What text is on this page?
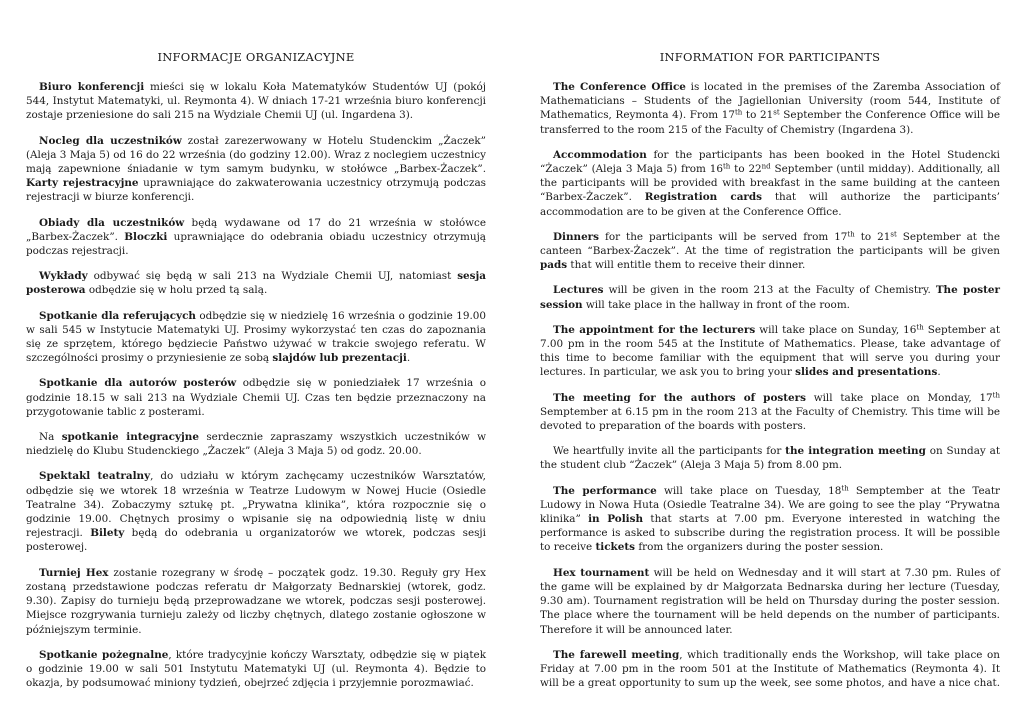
INFORMACJE ORGANIZACYJNE

Biuro konferencji mieści się w lokalu Koła Matematyków Studentów UJ (pokój 544, Instytut Matematyki, ul. Reymonta 4). W dniach 17-21 września biuro konferencji zostaje przeniesione do sali 215 na Wydziale Chemii UJ (ul. Ingardena 3).

Nocleg dla uczestników został zarezerwowany w Hotelu Studenckim „Żaczek” (Aleja 3 Maja 5) od 16 do 22 września (do godziny 12.00). Wraz z noclegiem uczestnicy mają zapewnione śniadanie w tym samym budynku, w stołówce „Barbex-Żaczek”. Karty rejestracyjne uprawniające do zakwaterowania uczestnicy otrzymują podczas rejestracji w biurze konferencji.

Obiady dla uczestników będą wydawane od 17 do 21 września w stołówce „Barbex-Żaczek”. Bloczki uprawniające do odebrania obiadu uczestnicy otrzymują podczas rejestracji.

Wykłady odbywać się będą w sali 213 na Wydziale Chemii UJ, natomiast sesja posterowa odbędzie się w holu przed tą salą.

Spotkanie dla referujących odbędzie się w niedzielę 16 września o godzinie 19.00 w sali 545 w Instytucie Matematyki UJ. Prosimy wykorzystać ten czas do zapoznania się ze sprzętem, którego będziecie Państwo używać w trakcie swojego referatu. W szczególności prosimy o przyniesienie ze sobą slajdów lub prezentacji.

Spotkanie dla autorów posterów odbędzie się w poniedziałek 17 września o godzinie 18.15 w sali 213 na Wydziale Chemii UJ. Czas ten będzie przeznaczony na przygotowanie tablic z posterami.

Na spotkanie integracyjne serdecznie zapraszamy wszystkich uczestników w niedzielę do Klubu Studenckiego „Żaczek” (Aleja 3 Maja 5) od godz. 20.00.

Spektakl teatralny, do udziału w którym zachęcamy uczestników Warsztatów, odbędzie się we wtorek 18 września w Teatrze Ludowym w Nowej Hucie (Osiedle Teatralne 34). Zobaczymy sztukę pt. „Prywatna klinika”, która rozpocznie się o godzinie 19.00. Chętnych prosimy o wpisanie się na odpowiednią listę w dniu rejestracji. Bilety będą do odebrania u organizatorów we wtorek, podczas sesji posterowej.

Turniej Hex zostanie rozegrany w środę – początek godz. 19.30. Reguły gry Hex zostaną przedstawione podczas referatu dr Małgorzaty Bednarskiej (wtorek, godz. 9.30). Zapisy do turnieju będą przeprowadzane we wtorek, podczas sesji posterowej. Miejsce rozgrywania turnieju zależy od liczby chętnych, dlatego zostanie ogłoszone w późniejszym terminie.

Spotkanie pożegnalne, które tradycyjnie kończy Warsztaty, odbędzie się w piątek o godzinie 19.00 w sali 501 Instytutu Matematyki UJ (ul. Reymonta 4). Będzie to okazja, by podsumować miniony tydzień, obejrzeć zdjęcia i przyjemnie porozmawiać.

INFORMATION FOR PARTICIPANTS

The Conference Office is located in the premises of the Zaremba Association of Mathematicians – Students of the Jagiellonian University (room 544, Institute of Mathematics, Reymonta 4). From 17th to 21st September the Conference Office will be transferred to the room 215 of the Faculty of Chemistry (Ingardena 3).

Accommodation for the participants has been booked in the Hotel Studencki “Żaczek” (Aleja 3 Maja 5) from 16th to 22nd September (until midday). Additionally, all the participants will be provided with breakfast in the same building at the canteen “Barbex-Żaczek”. Registration cards that will authorize the participants’ accommodation are to be given at the Conference Office.

Dinners for the participants will be served from 17th to 21st September at the canteen “Barbex-Żaczek”. At the time of registration the participants will be given pads that will entitle them to receive their dinner.

Lectures will be given in the room 213 at the Faculty of Chemistry. The poster session will take place in the hallway in front of the room.

The appointment for the lecturers will take place on Sunday, 16th September at 7.00 pm in the room 545 at the Institute of Mathematics. Please, take advantage of this time to become familiar with the equipment that will serve you during your lectures. In particular, we ask you to bring your slides and presentations.

The meeting for the authors of posters will take place on Monday, 17th Semptember at 6.15 pm in the room 213 at the Faculty of Chemistry. This time will be devoted to preparation of the boards with posters.

We heartfully invite all the participants for the integration meeting on Sunday at the student club “Żaczek” (Aleja 3 Maja 5) from 8.00 pm.

The performance will take place on Tuesday, 18th Semptember at the Teatr Ludowy in Nowa Huta (Osiedle Teatralne 34). We are going to see the play “Prywatna klinika” in Polish that starts at 7.00 pm. Everyone interested in watching the performance is asked to subscribe during the registration process. It will be possible to receive tickets from the organizers during the poster session.

Hex tournament will be held on Wednesday and it will start at 7.30 pm. Rules of the game will be explained by dr Małgorzata Bednarska during her lecture (Tuesday, 9.30 am). Tournament registration will be held on Thursday during the poster session. The place where the tournament will be held depends on the number of participants. Therefore it will be announced later.

The farewell meeting, which traditionally ends the Workshop, will take place on Friday at 7.00 pm in the room 501 at the Institute of Mathematics (Reymonta 4). It will be a great opportunity to sum up the week, see some photos, and have a nice chat.
